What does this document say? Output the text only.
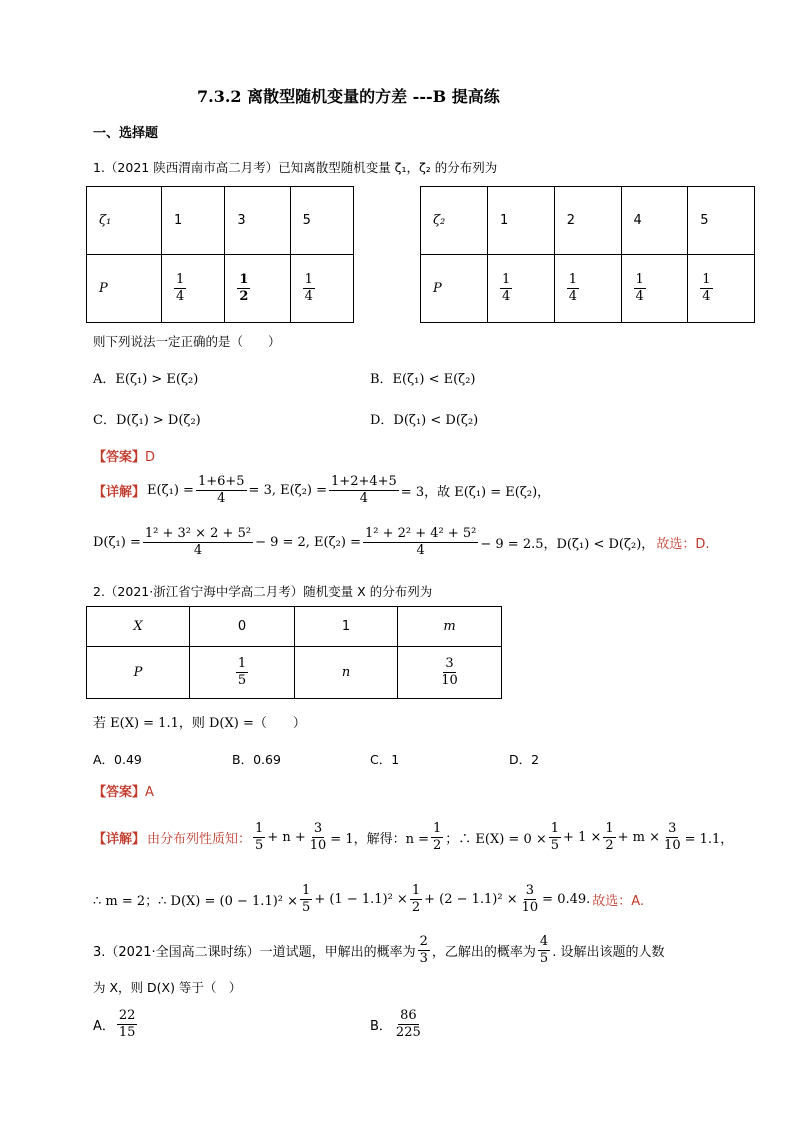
7.3.2 离散型随机变量的方差 ---B 提高练
一、选择题
1.（2021 陕西渭南市高二月考）已知离散型随机变量 ζ₁，ζ₂ 的分布列为
ζ₁	1	3	5
P	$\frac{1}{4}$	$\frac{1}{2}$	$\frac{1}{4}$
ζ₂	1	2	4	5
P	$\frac{1}{4}$	$\frac{1}{4}$	$\frac{1}{4}$	$\frac{1}{4}$
则下列说法一定正确的是（　　）
A．E(ζ₁) > E(ζ₂)	B．E(ζ₁) < E(ζ₂)
C．D(ζ₁) > D(ζ₂)	D．D(ζ₁) < D(ζ₂)
【答案】D
【详解】 $E(\zeta_1) = \frac{1+6+5}{4} = 3$, $E(\zeta_2) = \frac{1+2+4+5}{4} = 3$，故 E(ζ₁) = E(ζ₂)，
$D(\zeta_1) = \frac{\text{1² + 3² × 2 + 5²}}{4} - 9 = 2$, $E(\zeta_2) = \frac{\text{1² + 2² + 4² + 5²}}{4} - 9 = 2.5$，D(ζ₁) < D(ζ₂)， 故选：D.
2.（2021·浙江省宁海中学高二月考）随机变量 X 的分布列为
X	0	1	m
P	$\frac{1}{5}$	n	$\frac{3}{10}$
若 E(X) = 1.1，则 D(X) =（　　）
A．0.49	B．0.69	C．1	D．2
【答案】A
【详解】 由分布列性质知： $\frac{1}{5} + n + \frac{3}{10} = 1$，解得：$n = \frac{1}{2}$ ；∴ $E(X) = 0 \times \frac{1}{5} + 1 \times \frac{1}{2} + m \times \frac{3}{10} = 1.1$，
∴ m = 2；∴ $D(X) = (0 - 1.1)^2 \times \frac{1}{5} + (1 - 1.1)^2 \times \frac{1}{2} + (2 - 1.1)^2 \times \frac{3}{10} = 0.49$. 故选：A.
3.（2021·全国高二课时练）一道试题，甲解出的概率为 $\frac{2}{3}$ ，乙解出的概率为 $\frac{4}{5}$ . 设解出该题的人数
为 X，则 D(X) 等于（　）
A． $\frac{22}{15}$	B． $\frac{86}{225}$
